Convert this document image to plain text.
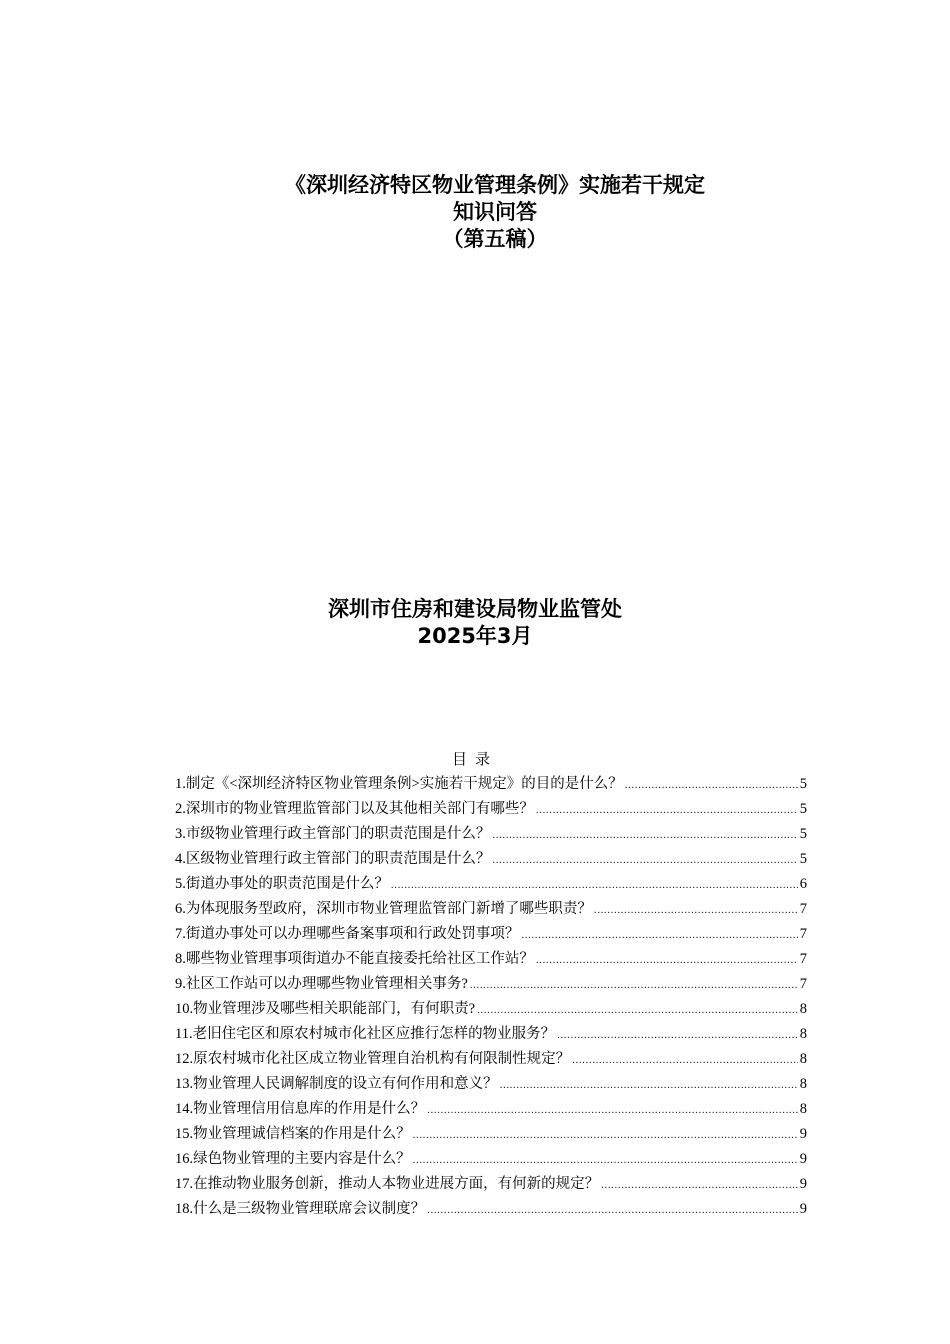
《深圳经济特区物业管理条例》实施若干规定
知识问答
（第五稿）
深圳市住房和建设局物业监管处
2025年3月
目录
1.制定《<深圳经济特区物业管理条例>实施若干规定》的目的是什么？ .....	5
2.深圳市的物业管理监管部门以及其他相关部门有哪些？ .....	5
3.市级物业管理行政主管部门的职责范围是什么？ .....	5
4.区级物业管理行政主管部门的职责范围是什么？ .....	5
5.街道办事处的职责范围是什么？ .....	6
6.为体现服务型政府，深圳市物业管理监管部门新增了哪些职责？ .....	7
7.街道办事处可以办理哪些备案事项和行政处罚事项？ .....	7
8.哪些物业管理事项街道办不能直接委托给社区工作站？ .....	7
9.社区工作站可以办理哪些物业管理相关事务? .....	7
10.物业管理涉及哪些相关职能部门，有何职责? .....	8
11.老旧住宅区和原农村城市化社区应推行怎样的物业服务？ .....	8
12.原农村城市化社区成立物业管理自治机构有何限制性规定？ .....	8
13.物业管理人民调解制度的设立有何作用和意义？ .....	8
14.物业管理信用信息库的作用是什么？ .....	8
15.物业管理诚信档案的作用是什么？ .....	9
16.绿色物业管理的主要内容是什么？ .....	9
17.在推动物业服务创新，推动人本物业进展方面，有何新的规定？ .....	9
18.什么是三级物业管理联席会议制度？ .....	9
